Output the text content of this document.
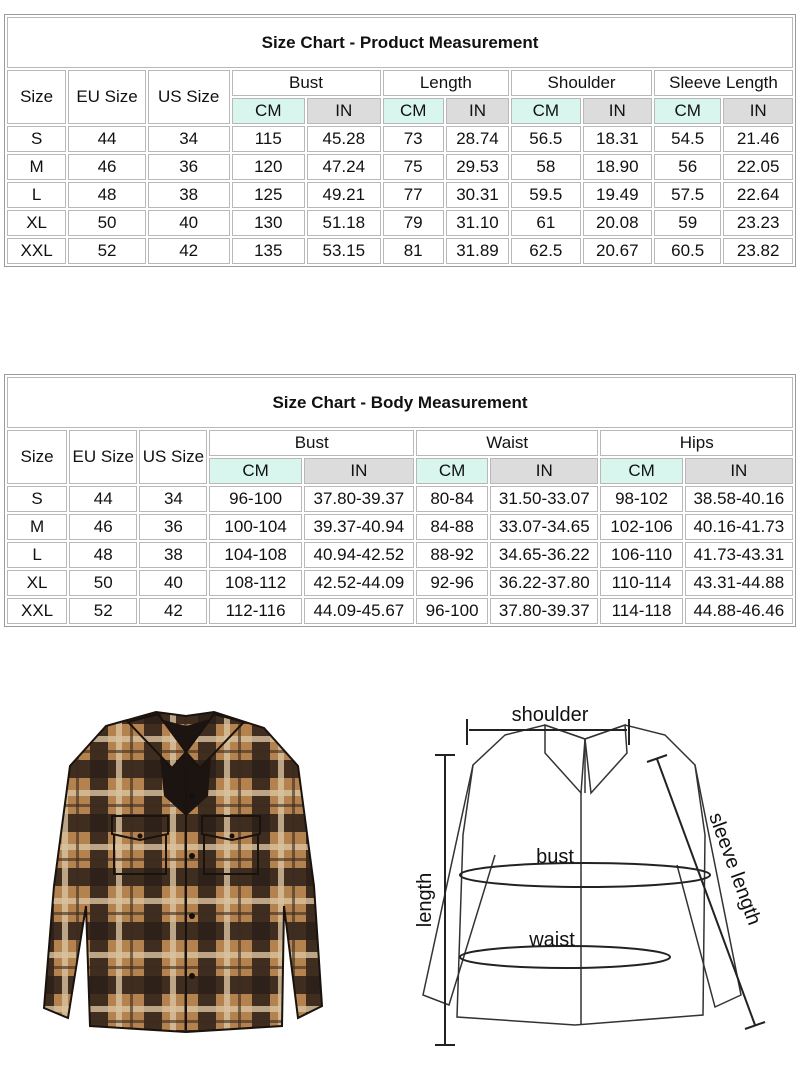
Size Chart - Product Measurement										
Size	EU Size	US Size	Bust		Length		Shoulder		Sleeve Length	
			CM	IN	CM	IN	CM	IN	CM	IN
S	44	34	115	45.28	73	28.74	56.5	18.31	54.5	21.46
M	46	36	120	47.24	75	29.53	58	18.90	56	22.05
L	48	38	125	49.21	77	30.31	59.5	19.49	57.5	22.64
XL	50	40	130	51.18	79	31.10	61	20.08	59	23.23
XXL	52	42	135	53.15	81	31.89	62.5	20.67	60.5	23.82
Size Chart - Body Measurement								
Size	EU Size	US Size	Bust		Waist		Hips	
			CM	IN	CM	IN	CM	IN
S	44	34	96-100	37.80-39.37	80-84	31.50-33.07	98-102	38.58-40.16
M	46	36	100-104	39.37-40.94	84-88	33.07-34.65	102-106	40.16-41.73
L	48	38	104-108	40.94-42.52	88-92	34.65-36.22	106-110	41.73-43.31
XL	50	40	108-112	42.52-44.09	92-96	36.22-37.80	110-114	43.31-44.88
XXL	52	42	112-116	44.09-45.67	96-100	37.80-39.37	114-118	44.88-46.46
shoulder
length
bust
waist
sleeve length
